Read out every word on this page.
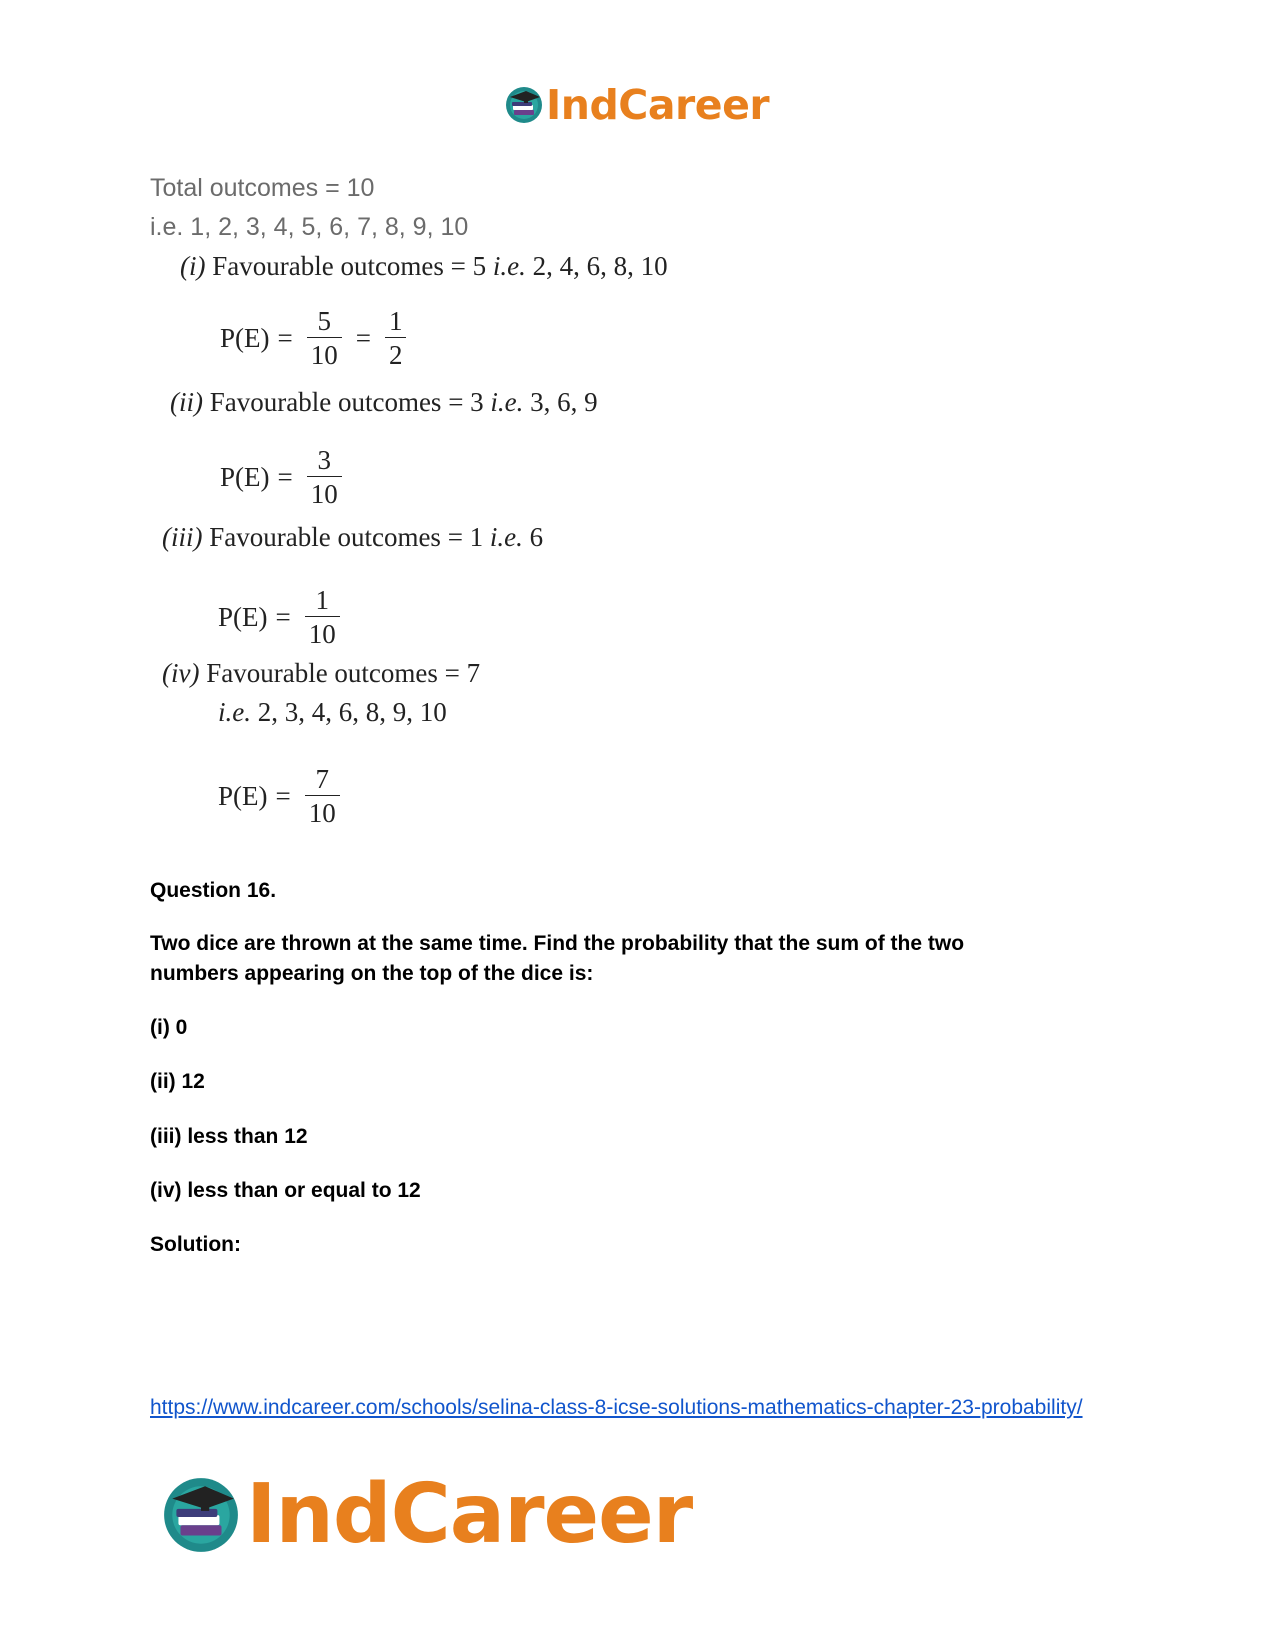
IndCareer
Total outcomes = 10
i.e. 1, 2, 3, 4, 5, 6, 7, 8, 9, 10
(i) Favourable outcomes = 5 i.e. 2, 4, 6, 8, 10
$P(E) = \frac{5}{10} = \frac{1}{2}$
(ii) Favourable outcomes = 3 i.e. 3, 6, 9
$P(E) = \frac{3}{10}$
(iii) Favourable outcomes = 1 i.e. 6
$P(E) = \frac{1}{10}$
(iv) Favourable outcomes = 7
i.e. 2, 3, 4, 6, 8, 9, 10
$P(E) = \frac{7}{10}$
Question 16.
Two dice are thrown at the same time. Find the probability that the sum of the two numbers appearing on the top of the dice is:
(i) 0
(ii) 12
(iii) less than 12
(iv) less than or equal to 12
Solution:
https://www.indcareer.com/schools/selina-class-8-icse-solutions-mathematics-chapter-23-probability/
IndCareer
